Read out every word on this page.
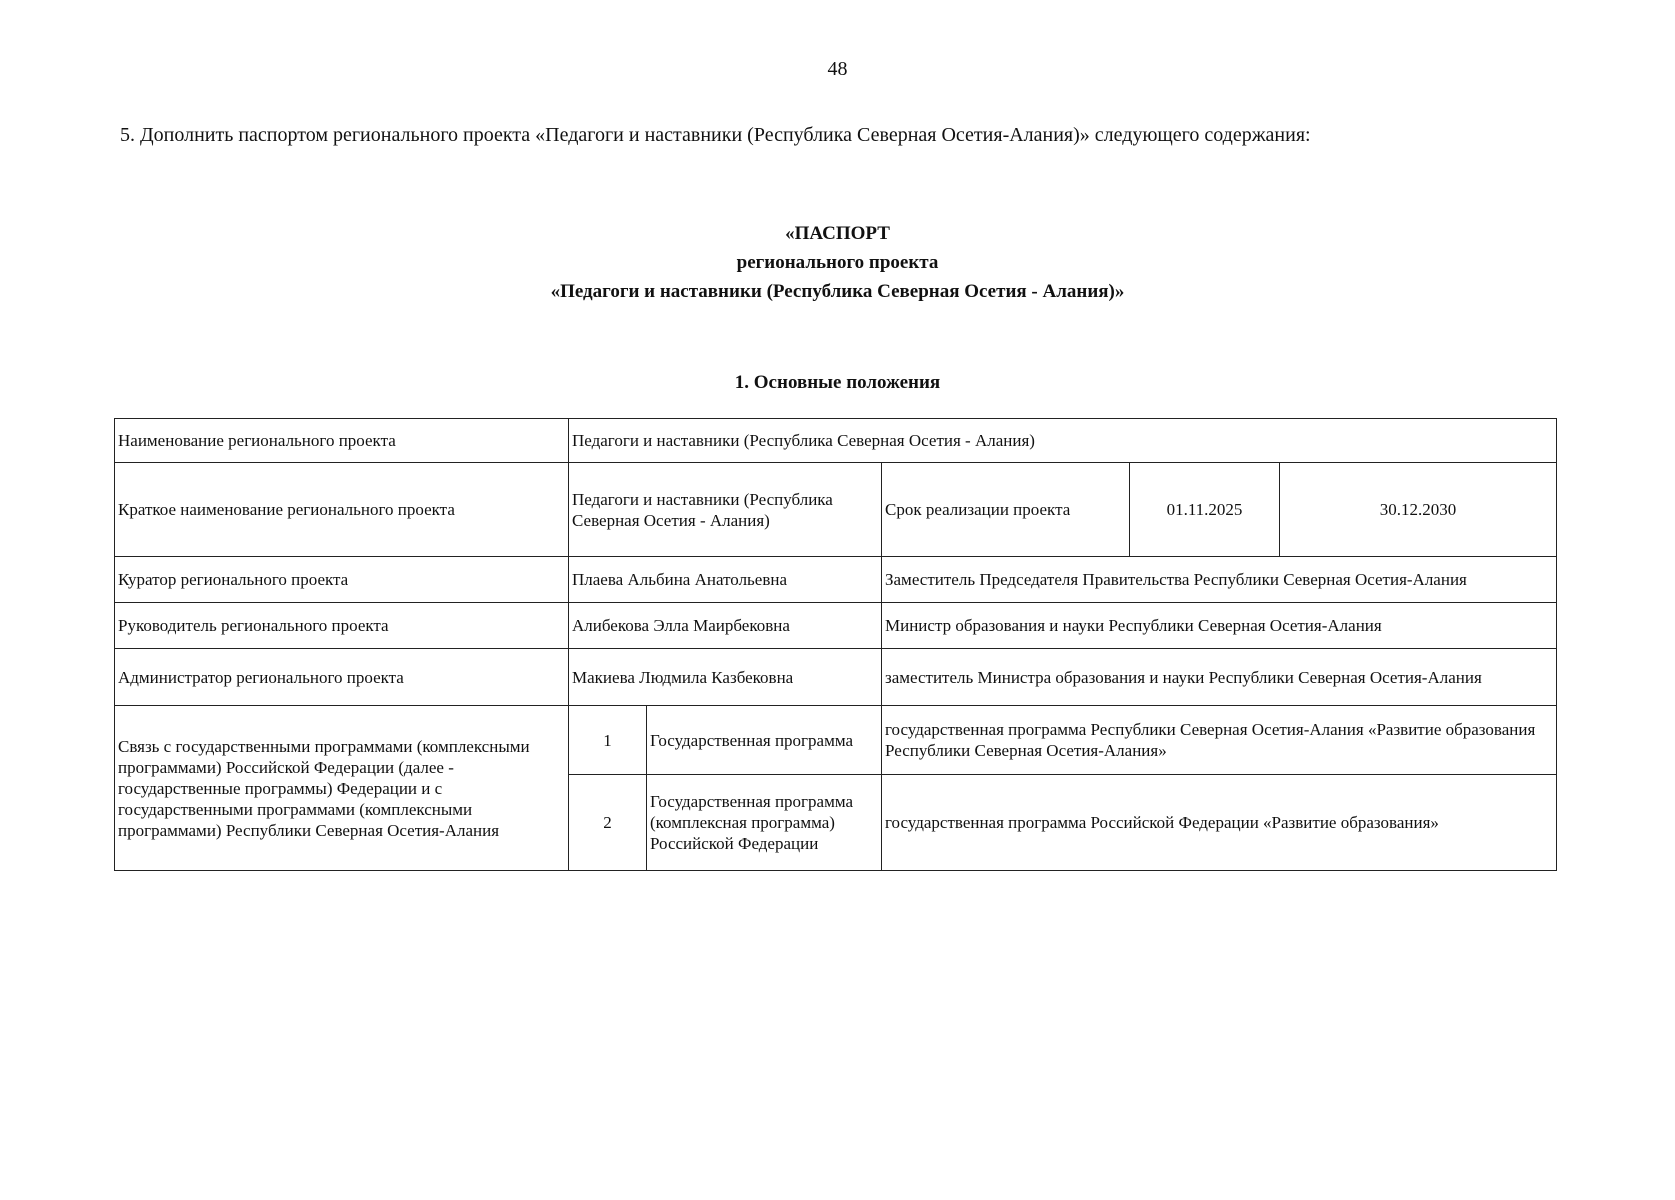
48
5. Дополнить паспортом регионального проекта «Педагоги и наставники (Республика Северная Осетия-Алания)» следующего содержания:
«ПАСПОРТ
регионального проекта
«Педагоги и наставники (Республика Северная Осетия - Алания)»
1. Основные положения
Наименование регионального проекта	Педагоги и наставники (Республика Северная Осетия - Алания)				
Краткое наименование регионального проекта	Педагоги и наставники (Республика Северная Осетия - Алания)		Срок реализации проекта	01.11.2025	30.12.2030
Куратор регионального проекта	Плаева Альбина Анатольевна		Заместитель Председателя Правительства Республики Северная Осетия-Алания		
Руководитель регионального проекта	Алибекова Элла Маирбековна		Министр образования и науки Республики Северная Осетия-Алания		
Администратор регионального проекта	Макиева Людмила Казбековна		заместитель Министра образования и науки Республики Северная Осетия-Алания		
Связь с государственными программами (комплексными программами) Российской Федерации (далее - государственные программы) Федерации и с государственными программами (комплексными программами) Республики Северная Осетия-Алания	1	Государственная программа	государственная программа Республики Северная Осетия-Алания «Развитие образования Республики Северная Осетия-Алания»		
	2	Государственная программа (комплексная программа) Российской Федерации	государственная программа Российской Федерации «Развитие образования»		
